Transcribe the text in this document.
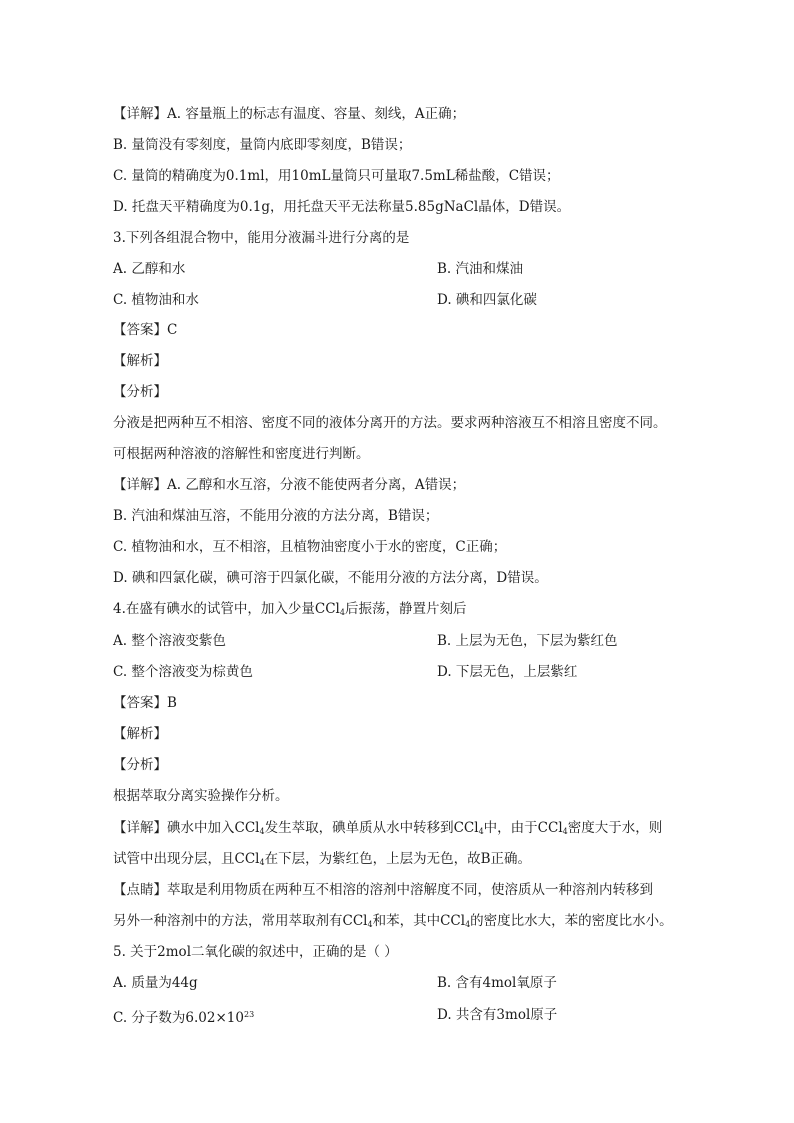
【详解】A. 容量瓶上的标志有温度、容量、刻线，A正确；
B. 量筒没有零刻度，量筒内底即零刻度，B错误；
C. 量筒的精确度为0.1ml，用10mL量筒只可量取7.5mL稀盐酸，C错误；
D. 托盘天平精确度为0.1g，用托盘天平无法称量5.85gNaCl晶体，D错误。
3.下列各组混合物中，能用分液漏斗进行分离的是
A. 乙醇和水	B. 汽油和煤油
C. 植物油和水	D. 碘和四氯化碳
【答案】C
【解析】
【分析】
分液是把两种互不相溶、密度不同的液体分离开的方法。要求两种溶液互不相溶且密度不同。
可根据两种溶液的溶解性和密度进行判断。
【详解】A. 乙醇和水互溶，分液不能使两者分离，A错误；
B. 汽油和煤油互溶，不能用分液的方法分离，B错误；
C. 植物油和水，互不相溶，且植物油密度小于水的密度，C正确；
D. 碘和四氯化碳，碘可溶于四氯化碳，不能用分液的方法分离，D错误。
4.在盛有碘水的试管中，加入少量CCl$_4$后振荡，静置片刻后
A. 整个溶液变紫色	B. 上层为无色，下层为紫红色
C. 整个溶液变为棕黄色	D. 下层无色，上层紫红
【答案】B
【解析】
【分析】
根据萃取分离实验操作分析。
【详解】碘水中加入CCl$_4$发生萃取，碘单质从水中转移到CCl$_4$中，由于CCl$_4$密度大于水，则
试管中出现分层，且CCl$_4$在下层，为紫红色，上层为无色，故B正确。
【点睛】萃取是利用物质在两种互不相溶的溶剂中溶解度不同，使溶质从一种溶剂内转移到
另外一种溶剂中的方法，常用萃取剂有CCl$_4$和苯，其中CCl$_4$的密度比水大，苯的密度比水小。
5. 关于2mol二氧化碳的叙述中，正确的是（ ）
A. 质量为44g	B. 含有4mol氧原子
C. 分子数为$6.02\times 10^{23}$	D. 共含有3mol原子
